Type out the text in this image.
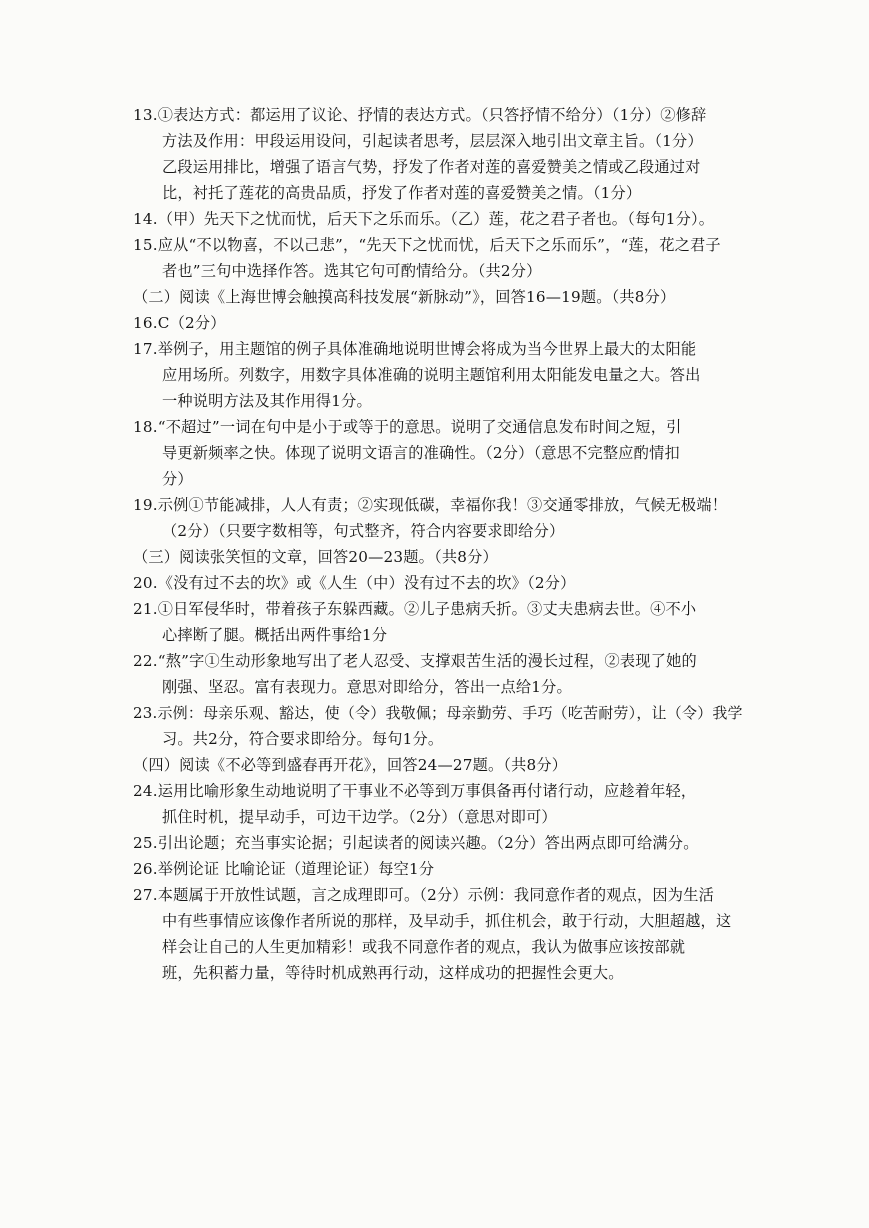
13.①表达方式：都运用了议论、抒情的表达方式。（只答抒情不给分）（1分）②修辞
方法及作用：甲段运用设问，引起读者思考，层层深入地引出文章主旨。（1分）
乙段运用排比，增强了语言气势，抒发了作者对莲的喜爱赞美之情或乙段通过对
比，衬托了莲花的高贵品质，抒发了作者对莲的喜爱赞美之情。（1分）
14.（甲）先天下之忧而忧，后天下之乐而乐。（乙）莲，花之君子者也。（每句1分）。
15.应从“不以物喜，不以己悲”，“先天下之忧而忧，后天下之乐而乐”，“莲，花之君子
者也”三句中选择作答。选其它句可酌情给分。（共2分）
（二）阅读《上海世博会触摸高科技发展“新脉动”》，回答16—19题。（共8分）
16.C（2分）
17.举例子，用主题馆的例子具体准确地说明世博会将成为当今世界上最大的太阳能
应用场所。列数字，用数字具体准确的说明主题馆利用太阳能发电量之大。答出
一种说明方法及其作用得1分。
18.“不超过”一词在句中是小于或等于的意思。说明了交通信息发布时间之短，引
导更新频率之快。体现了说明文语言的准确性。（2分）（意思不完整应酌情扣
分）
19.示例①节能减排，人人有责；②实现低碳，幸福你我！③交通零排放，气候无极端！
（2分）（只要字数相等，句式整齐，符合内容要求即给分）
（三）阅读张笑恒的文章，回答20—23题。（共8分）
20.《没有过不去的坎》或《人生（中）没有过不去的坎》（2分）
21.①日军侵华时，带着孩子东躲西藏。②儿子患病夭折。③丈夫患病去世。④不小
心摔断了腿。概括出两件事给1分
22.“熬”字①生动形象地写出了老人忍受、支撑艰苦生活的漫长过程，②表现了她的
刚强、坚忍。富有表现力。意思对即给分，答出一点给1分。
23.示例：母亲乐观、豁达，使（令）我敬佩；母亲勤劳、手巧（吃苦耐劳），让（令）我学
习。共2分，符合要求即给分。每句1分。
（四）阅读《不必等到盛春再开花》，回答24—27题。（共8分）
24.运用比喻形象生动地说明了干事业不必等到万事俱备再付诸行动，应趁着年轻，
抓住时机，提早动手，可边干边学。（2分）（意思对即可）
25.引出论题；充当事实论据；引起读者的阅读兴趣。（2分）答出两点即可给满分。
26.举例论证 比喻论证（道理论证）每空1分
27.本题属于开放性试题，言之成理即可。（2分）示例：我同意作者的观点，因为生活
中有些事情应该像作者所说的那样，及早动手，抓住机会，敢于行动，大胆超越，这
样会让自己的人生更加精彩！或我不同意作者的观点，我认为做事应该按部就
班，先积蓄力量，等待时机成熟再行动，这样成功的把握性会更大。
